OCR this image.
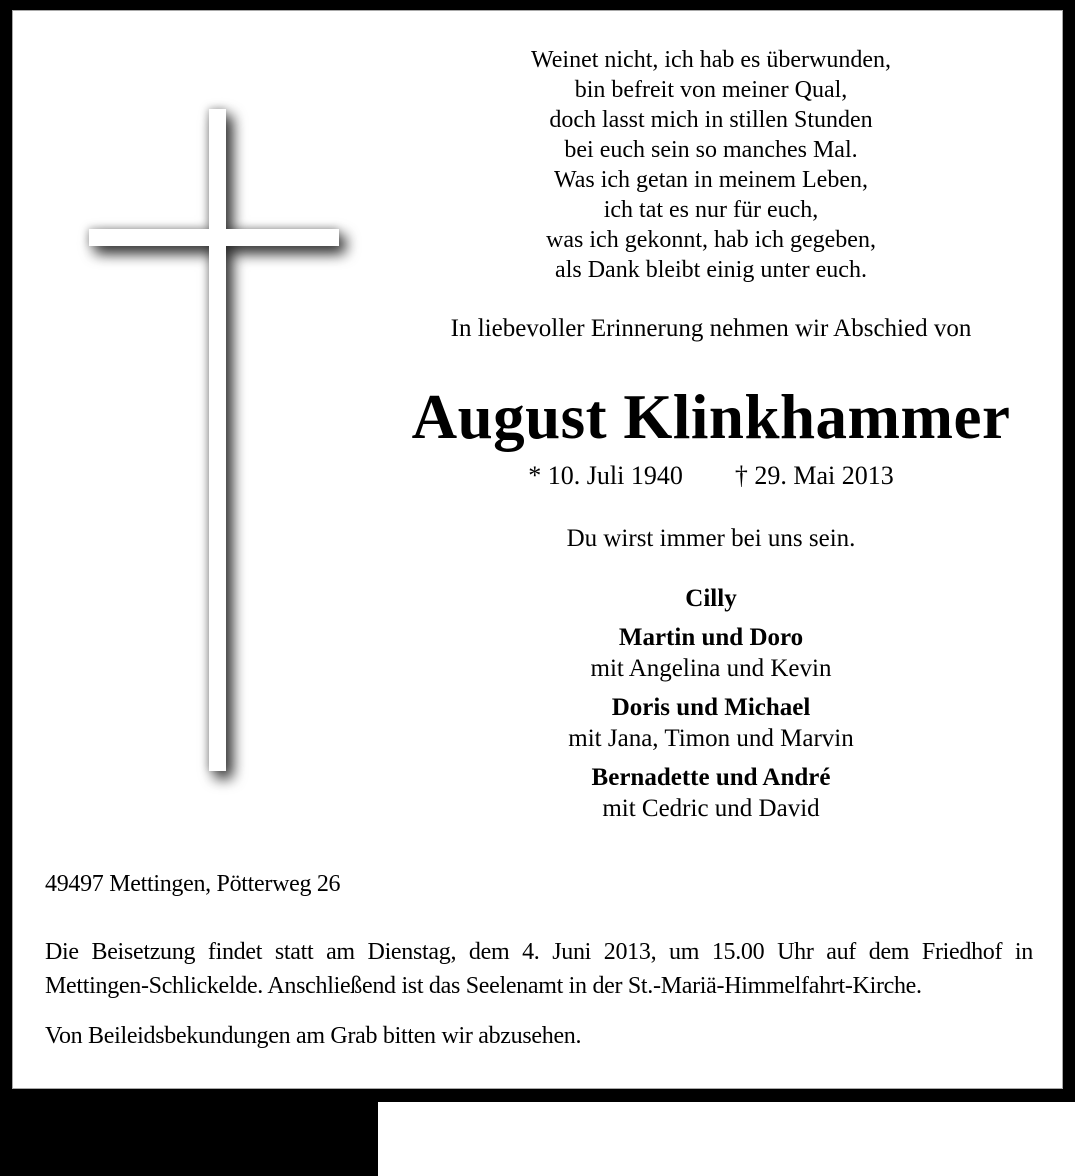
Weinet nicht, ich hab es überwunden,
bin befreit von meiner Qual,
doch lasst mich in stillen Stunden
bei euch sein so manches Mal.
Was ich getan in meinem Leben,
ich tat es nur für euch,
was ich gekonnt, hab ich gegeben,
als Dank bleibt einig unter euch.
In liebevoller Erinnerung nehmen wir Abschied von
August Klinkhammer
* 10. Juli 1940 † 29. Mai 2013
Du wirst immer bei uns sein.
Cilly
Martin und Doro
mit Angelina und Kevin
Doris und Michael
mit Jana, Timon und Marvin
Bernadette und André
mit Cedric und David
49497 Mettingen, Pötterweg 26
Die Beisetzung findet statt am Dienstag, dem 4. Juni 2013, um 15.00 Uhr auf dem Friedhof in
Mettingen-Schlickelde. Anschließend ist das Seelenamt in der St.-Mariä-Himmelfahrt-Kirche.
Von Beileidsbekundungen am Grab bitten wir abzusehen.
